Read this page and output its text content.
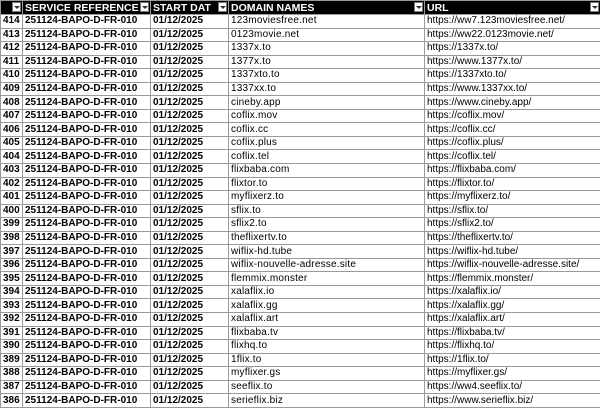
	SERVICE REFERENCE	START DAT	DOMAIN NAMES	URL

414	251124-BAPO-D-FR-010	01/12/2025	123moviesfree.net	https://ww7.123moviesfree.net/
413	251124-BAPO-D-FR-010	01/12/2025	0123movie.net	https://ww22.0123movie.net/
412	251124-BAPO-D-FR-010	01/12/2025	1337x.to	https://1337x.to/
411	251124-BAPO-D-FR-010	01/12/2025	1377x.to	https://www.1377x.to/
410	251124-BAPO-D-FR-010	01/12/2025	1337xto.to	https://1337xto.to/
409	251124-BAPO-D-FR-010	01/12/2025	1337xx.to	https://www.1337xx.to/
408	251124-BAPO-D-FR-010	01/12/2025	cineby.app	https://www.cineby.app/
407	251124-BAPO-D-FR-010	01/12/2025	coflix.mov	https://coflix.mov/
406	251124-BAPO-D-FR-010	01/12/2025	coflix.cc	https://coflix.cc/
405	251124-BAPO-D-FR-010	01/12/2025	coflix.plus	https://coflix.plus/
404	251124-BAPO-D-FR-010	01/12/2025	coflix.tel	https://coflix.tel/
403	251124-BAPO-D-FR-010	01/12/2025	flixbaba.com	https://flixbaba.com/
402	251124-BAPO-D-FR-010	01/12/2025	flixtor.to	https://flixtor.to/
401	251124-BAPO-D-FR-010	01/12/2025	myflixerz.to	https://myflixerz.to/
400	251124-BAPO-D-FR-010	01/12/2025	sflix.to	https://sflix.to/
399	251124-BAPO-D-FR-010	01/12/2025	sflix2.to	https://sflix2.to/
398	251124-BAPO-D-FR-010	01/12/2025	theflixertv.to	https://theflixertv.to/
397	251124-BAPO-D-FR-010	01/12/2025	wiflix-hd.tube	https://wiflix-hd.tube/
396	251124-BAPO-D-FR-010	01/12/2025	wiflix-nouvelle-adresse.site	https://wiflix-nouvelle-adresse.site/
395	251124-BAPO-D-FR-010	01/12/2025	flemmix.monster	https://flemmix.monster/
394	251124-BAPO-D-FR-010	01/12/2025	xalaflix.io	https://xalaflix.io/
393	251124-BAPO-D-FR-010	01/12/2025	xalaflix.gg	https://xalaflix.gg/
392	251124-BAPO-D-FR-010	01/12/2025	xalaflix.art	https://xalaflix.art/
391	251124-BAPO-D-FR-010	01/12/2025	flixbaba.tv	https://flixbaba.tv/
390	251124-BAPO-D-FR-010	01/12/2025	flixhq.to	https://flixhq.to/
389	251124-BAPO-D-FR-010	01/12/2025	1flix.to	https://1flix.to/
388	251124-BAPO-D-FR-010	01/12/2025	myflixer.gs	https://myflixer.gs/
387	251124-BAPO-D-FR-010	01/12/2025	seeflix.to	https://ww4.seeflix.to/
386	251124-BAPO-D-FR-010	01/12/2025	serieflix.biz	https://www.serieflix.biz/
